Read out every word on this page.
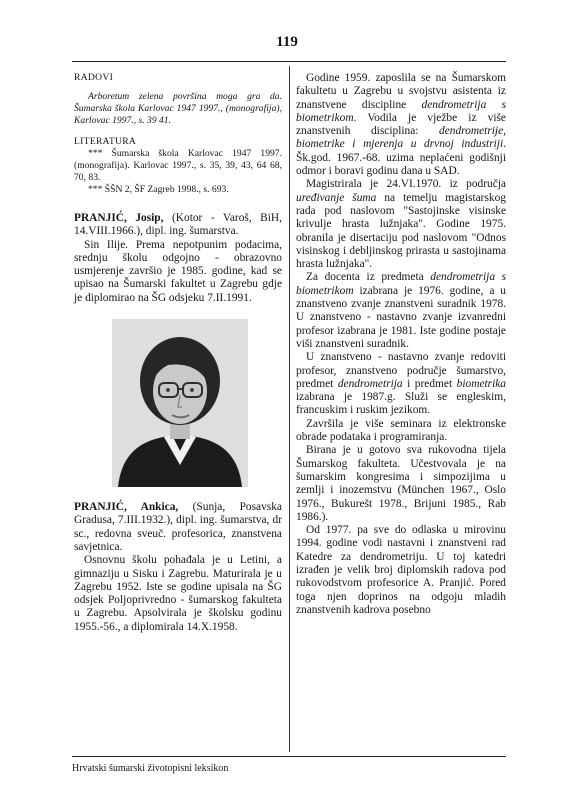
119

RADOVI

Arboretum zelena površina moga gra da. Šumarska škola Karlovac 1947 1997., (monografija), Karlovac 1997., s. 39 41.

LITERATURA

*** Šumarska škola Karlovac 1947 1997. (monografija). Karlovac 1997., s. 35, 39, 43, 64 68, 70, 83.

*** ŠŠN 2, ŠF Zagreb 1998., s. 693.

PRANJIĆ, Josip, (Kotor - Varoš, BiH, 14.VIII.1966.), dipl. ing. šumarstva.

Sin Ilije. Prema nepotpunim podacima, srednju školu odgojno - obrazovno usmjerenje završio je 1985. godine, kad se upisao na Šumarski fakultet u Zagrebu gdje je diplomirao na ŠG odsjeku 7.II.1991.

PRANJIĆ, Ankica, (Sunja, Posavska Gradusa, 7.III.1932.), dipl. ing. šumarstva, dr sc., redovna sveuč. profesorica, znanstvena savjetnica.

Osnovnu školu pohađala je u Letini, a gimnaziju u Sisku i Zagrebu. Maturirala je u Zagrebu 1952. Iste se godine upisala na ŠG odsjek Poljoprivredno - šumarskog fakulteta u Zagrebu. Apsolvirala je školsku godinu 1955.-56., a diplomirala 14.X.1958.

Godine 1959. zaposlila se na Šumarskom fakultetu u Zagrebu u svojstvu asistenta iz znanstvene discipline dendrometrija s biometrikom. Vodila je vježbe iz više znanstvenih disciplina: dendrometrije, biometrike i mjerenja u drvnoj industriji. Šk.god. 1967.-68. uzima neplaćeni godišnji odmor i boravi godinu dana u SAD.

Magistrirala je 24.VI.1970. iz područja uređivanje šuma na temelju magistarskog rada pod naslovom "Sastojinske visinske krivulje hrasta lužnjaka". Godine 1975. obranila je disertaciju pod naslovom "Odnos visinskog i debljinskog prirasta u sastojinama hrasta lužnjaka".

Za docenta iz predmeta dendrometrija s biometrikom izabrana je 1976. godine, a u znanstveno zvanje znanstveni suradnik 1978. U znanstveno - nastavno zvanje izvanredni profesor izabrana je 1981. Iste godine postaje viši znanstveni suradnik.

U znanstveno - nastavno zvanje redoviti profesor, znanstveno područje šumarstvo, predmet dendrometrija i predmet biometrika izabrana je 1987.g. Služi se engleskim, francuskim i ruskim jezikom.

Završila je više seminara iz elektronske obrade podataka i programiranja.

Birana je u gotovo sva rukovodna tijela Šumarskog fakulteta. Učestvovala je na šumarskim kongresima i simpozijima u zemlji i inozemstvu (München 1967., Oslo 1976., Bukurešt 1978., Brijuni 1985., Rab 1986.).

Od 1977. pa sve do odlaska u mirovinu 1994. godine vodi nastavni i znanstveni rad Katedre za dendrometriju. U toj katedri izrađen je velik broj diplomskih radova pod rukovodstvom profesorice A. Pranjić. Pored toga njen doprinos na odgoju mladih znanstvenih kadrova posebno

Hrvatski šumarski životopisni leksikon
